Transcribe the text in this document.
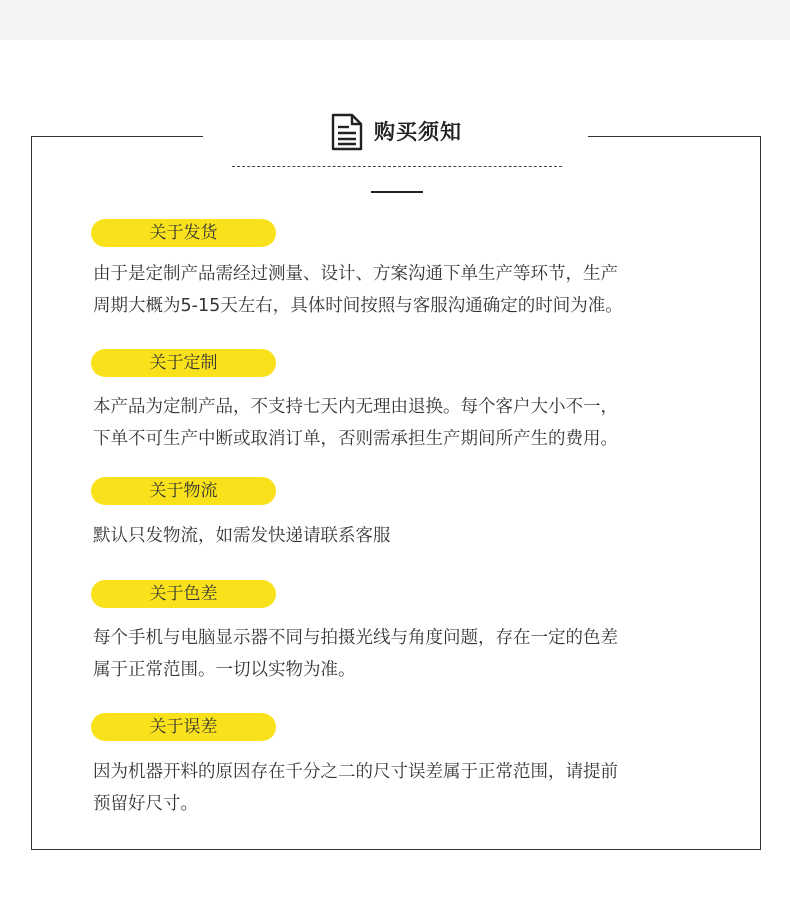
购买须知
关于发货
由于是定制产品需经过测量、设计、方案沟通下单生产等环节，生产
周期大概为5-15天左右，具体时间按照与客服沟通确定的时间为准。
关于定制
本产品为定制产品，不支持七天内无理由退换。每个客户大小不一，
下单不可生产中断或取消订单，否则需承担生产期间所产生的费用。
关于物流
默认只发物流，如需发快递请联系客服
关于色差
每个手机与电脑显示器不同与拍摄光线与角度问题，存在一定的色差
属于正常范围。一切以实物为准。
关于误差
因为机器开料的原因存在千分之二的尺寸误差属于正常范围，请提前
预留好尺寸。
